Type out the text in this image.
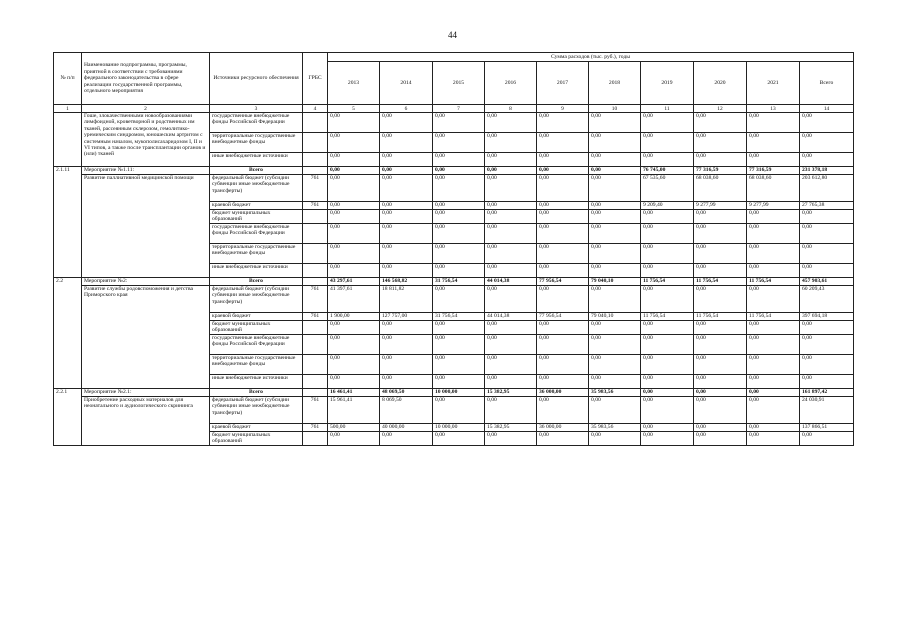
44
№ п/п	Наименование подпрограммы, программы, приятной в соответствии с требованиями федерального законодательства в сфере реализации государственной программы, отдельного мероприятия	Источники ресурсного обеспечения	ГРБС	Сумма расходов (тыс. руб.), годы									
				2013	2014	2015	2016	2017	2018	2019	2020	2021	Всего
1	2	3	4	5	6	7	8	9	10	11	12	13	14
	Гоше, злокачественными новообразованиями лимфоидной, кроветворной и родственных им тканей, рассеянным склерозом, гемолитико-уремическим синдромом, юношеским артритом с системным началом, мукополисахаридозом I, II и VI типов, а также после трансплантации органов и (или) тканей	государственные внебюджетные фонды Российской Федерации		0,00	0,00	0,00	0,00	0,00	0,00	0,00	0,00	0,00	0,00
		территориальные государственные внебюджетные фонды		0,00	0,00	0,00	0,00	0,00	0,00	0,00	0,00	0,00	0,00
		иные внебюджетные источники		0,00	0,00	0,00	0,00	0,00	0,00	0,00	0,00	0,00	0,00
2.1.11	Мероприятие №1.11:	Всего		0,00	0,00	0,00	0,00	0,00	0,00	76 745,00	77 316,59	77 316,59	231 378,18
	Развитие паллиативной медицинской помощи	федеральный бюджет (субсидии субвенции иные межбюджетные трансферты)	761	0,00	0,00	0,00	0,00	0,00	0,00	67 535,60	68 038,60	68 038,60	203 612,80
		краевой бюджет	761	0,00	0,00	0,00	0,00	0,00	0,00	9 209,40	9 277,99	9 277,99	27 765,38
		бюджет муниципальных образований		0,00	0,00	0,00	0,00	0,00	0,00	0,00	0,00	0,00	0,00
		государственные внебюджетные фонды Российской Федерации		0,00	0,00	0,00	0,00	0,00	0,00	0,00	0,00	0,00	0,00
		территориальные государственные внебюджетные фонды		0,00	0,00	0,00	0,00	0,00	0,00	0,00	0,00	0,00	0,00
		иные внебюджетные источники		0,00	0,00	0,00	0,00	0,00	0,00	0,00	0,00	0,00	0,00
2.2	Мероприятие №2:	Всего		43 297,61	146 568,82	31 756,54	44 014,38	77 956,54	79 040,10	11 756,54	11 756,54	11 756,54	457 903,61
	Развитие службы родовспоможения и детства Приморского края	федеральный бюджет (субсидии субвенции иные межбюджетные трансферты)	761	41 397,61	18 811,82	0,00	0,00	0,00	0,00	0,00	0,00	0,00	60 209,43
		краевой бюджет	761	1 900,00	127 757,00	31 756,54	44 014,38	77 956,54	79 040,10	11 756,54	11 756,54	11 756,54	397 694,18
		бюджет муниципальных образований		0,00	0,00	0,00	0,00	0,00	0,00	0,00	0,00	0,00	0,00
		государственные внебюджетные фонды Российской Федерации		0,00	0,00	0,00	0,00	0,00	0,00	0,00	0,00	0,00	0,00
		территориальные государственные внебюджетные фонды		0,00	0,00	0,00	0,00	0,00	0,00	0,00	0,00	0,00	0,00
		иные внебюджетные источники		0,00	0,00	0,00	0,00	0,00	0,00	0,00	0,00	0,00	0,00
2.2.1	Мероприятие №2.1:	Всего		16 461,41	48 069,50	10 000,00	15 382,95	36 000,00	35 983,56	0,00	0,00	0,00	161 897,42
	Приобретение расходных материалов для неонатального и аудиологического скрининга	федеральный бюджет (субсидии субвенции иные межбюджетные трансферты)	761	15 961,41	8 069,50	0,00	0,00	0,00	0,00	0,00	0,00	0,00	24 030,91
		краевой бюджет	761	500,00	40 000,00	10 000,00	15 382,95	36 000,00	35 983,56	0,00	0,00	0,00	137 866,51
		бюджет муниципальных образований		0,00	0,00	0,00	0,00	0,00	0,00	0,00	0,00	0,00	0,00
